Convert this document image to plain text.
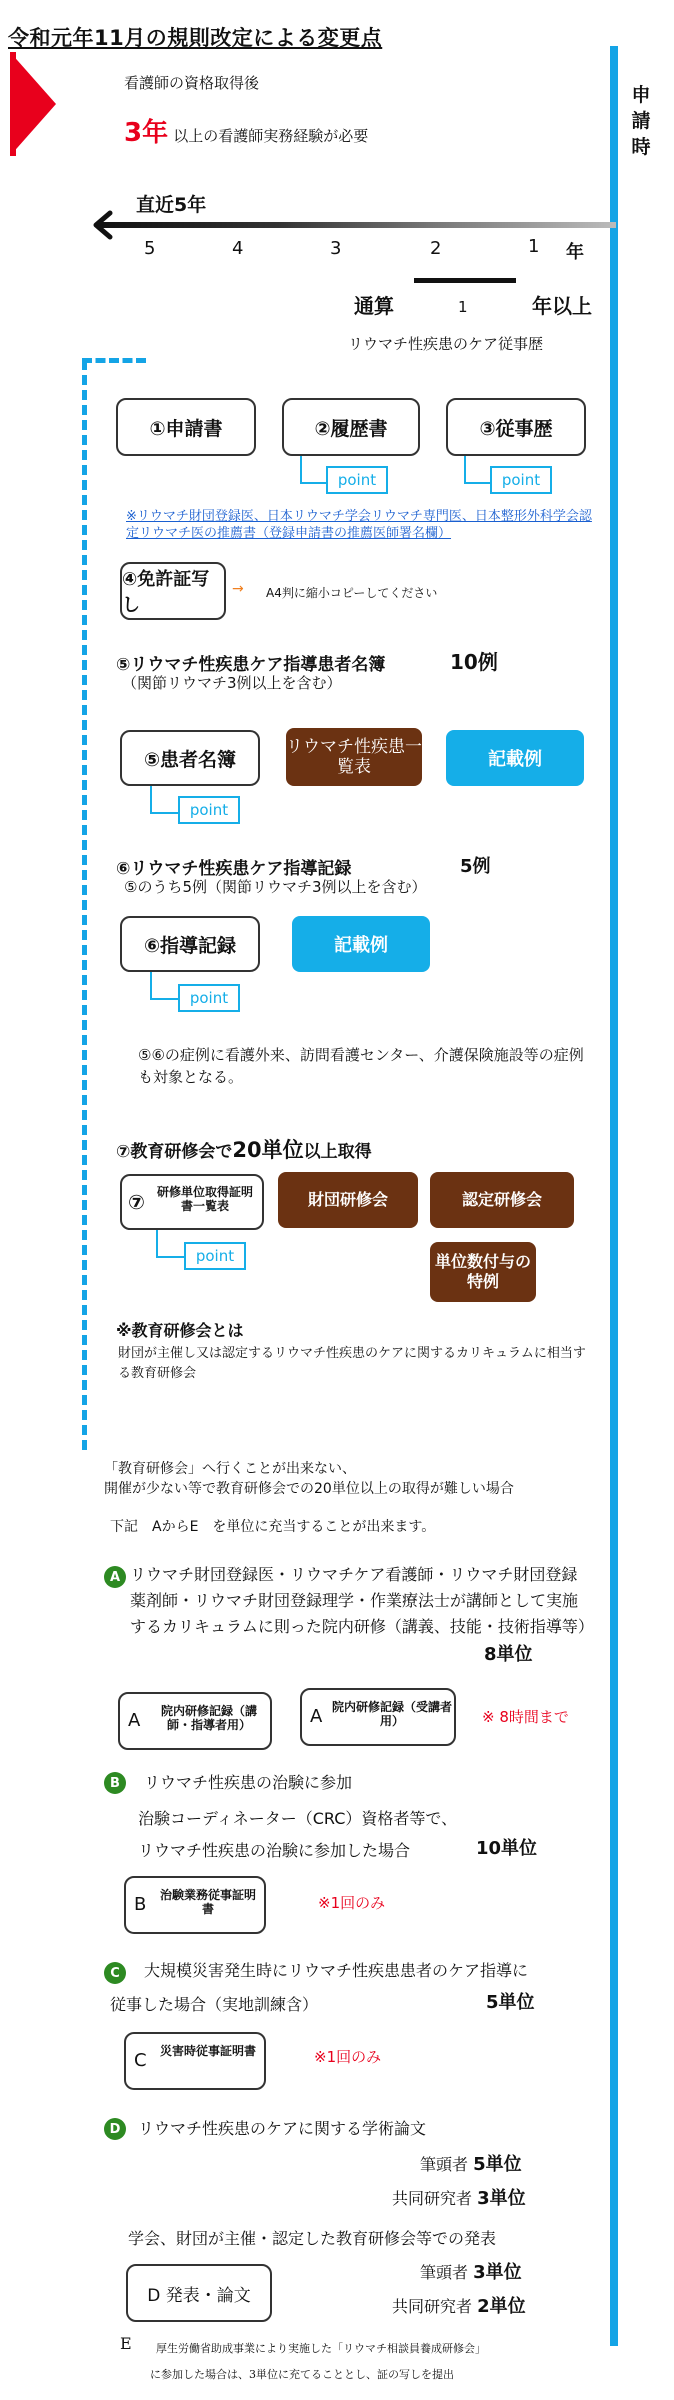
令和元年11月の規則改定による変更点
申
請
時
看護師の資格取得後
3年 以上の看護師実務経験が必要
直近5年
5	4	3	2	1 年
通算	1	年以上
リウマチ性疾患のケア従事歴
①申請書	②履歴書	③従事歴
point	point
※リウマチ財団登録医、日本リウマチ学会リウマチ専門医、日本整形外科学会認定リウマチ医の推薦書（登録申請書の推薦医師署名欄）
④免許証写し
→ A4判に縮小コピーしてください
⑤リウマチ性疾患ケア指導患者名簿	10例
（関節リウマチ3例以上を含む）
⑤患者名簿
リウマチ性疾患一覧表	記載例
point
⑥リウマチ性疾患ケア指導記録	5例
⑤のうち5例（関節リウマチ3例以上を含む）
⑥指導記録	記載例
point
⑤⑥の症例に看護外来、訪問看護センター、介護保険施設等の症例も対象となる。
⑦教育研修会で20単位以上取得
⑦ 研修単位取得証明書一覧表	財団研修会	認定研修会
point	単位数付与の特例
※教育研修会とは
財団が主催し又は認定するリウマチ性疾患のケアに関するカリキュラムに相当する教育研修会
「教育研修会」へ行くことが出来ない、
開催が少ない等で教育研修会での20単位以上の取得が難しい場合
下記　AからE　を単位に充当することが出来ます。
A リウマチ財団登録医・リウマチケア看護師・リウマチ財団登録薬剤師・リウマチ財団登録理学・作業療法士が講師として実施するカリキュラムに則った院内研修（講義、技能・技術指導等）
8単位
A	院内研修記録（講師・指導者用）	A 院内研修記録（受講者用）	※ 8時間まで
B	リウマチ性疾患の治験に参加
治験コーディネーター（CRC）資格者等で、
リウマチ性疾患の治験に参加した場合	10単位
B 治験業務従事証明書	※1回のみ
C	大規模災害発生時にリウマチ性疾患患者のケア指導に
従事した場合（実地訓練含）	5単位
C 災害時従事証明書	※1回のみ
D	リウマチ性疾患のケアに関する学術論文
筆頭者 5単位
共同研究者 3単位
学会、財団が主催・認定した教育研修会等での発表
筆頭者 3単位
D 発表・論文
共同研究者 2単位
E 厚生労働省助成事業により実施した「リウマチ相談員養成研修会」
に参加した場合は、3単位に充てることとし、証の写しを提出
